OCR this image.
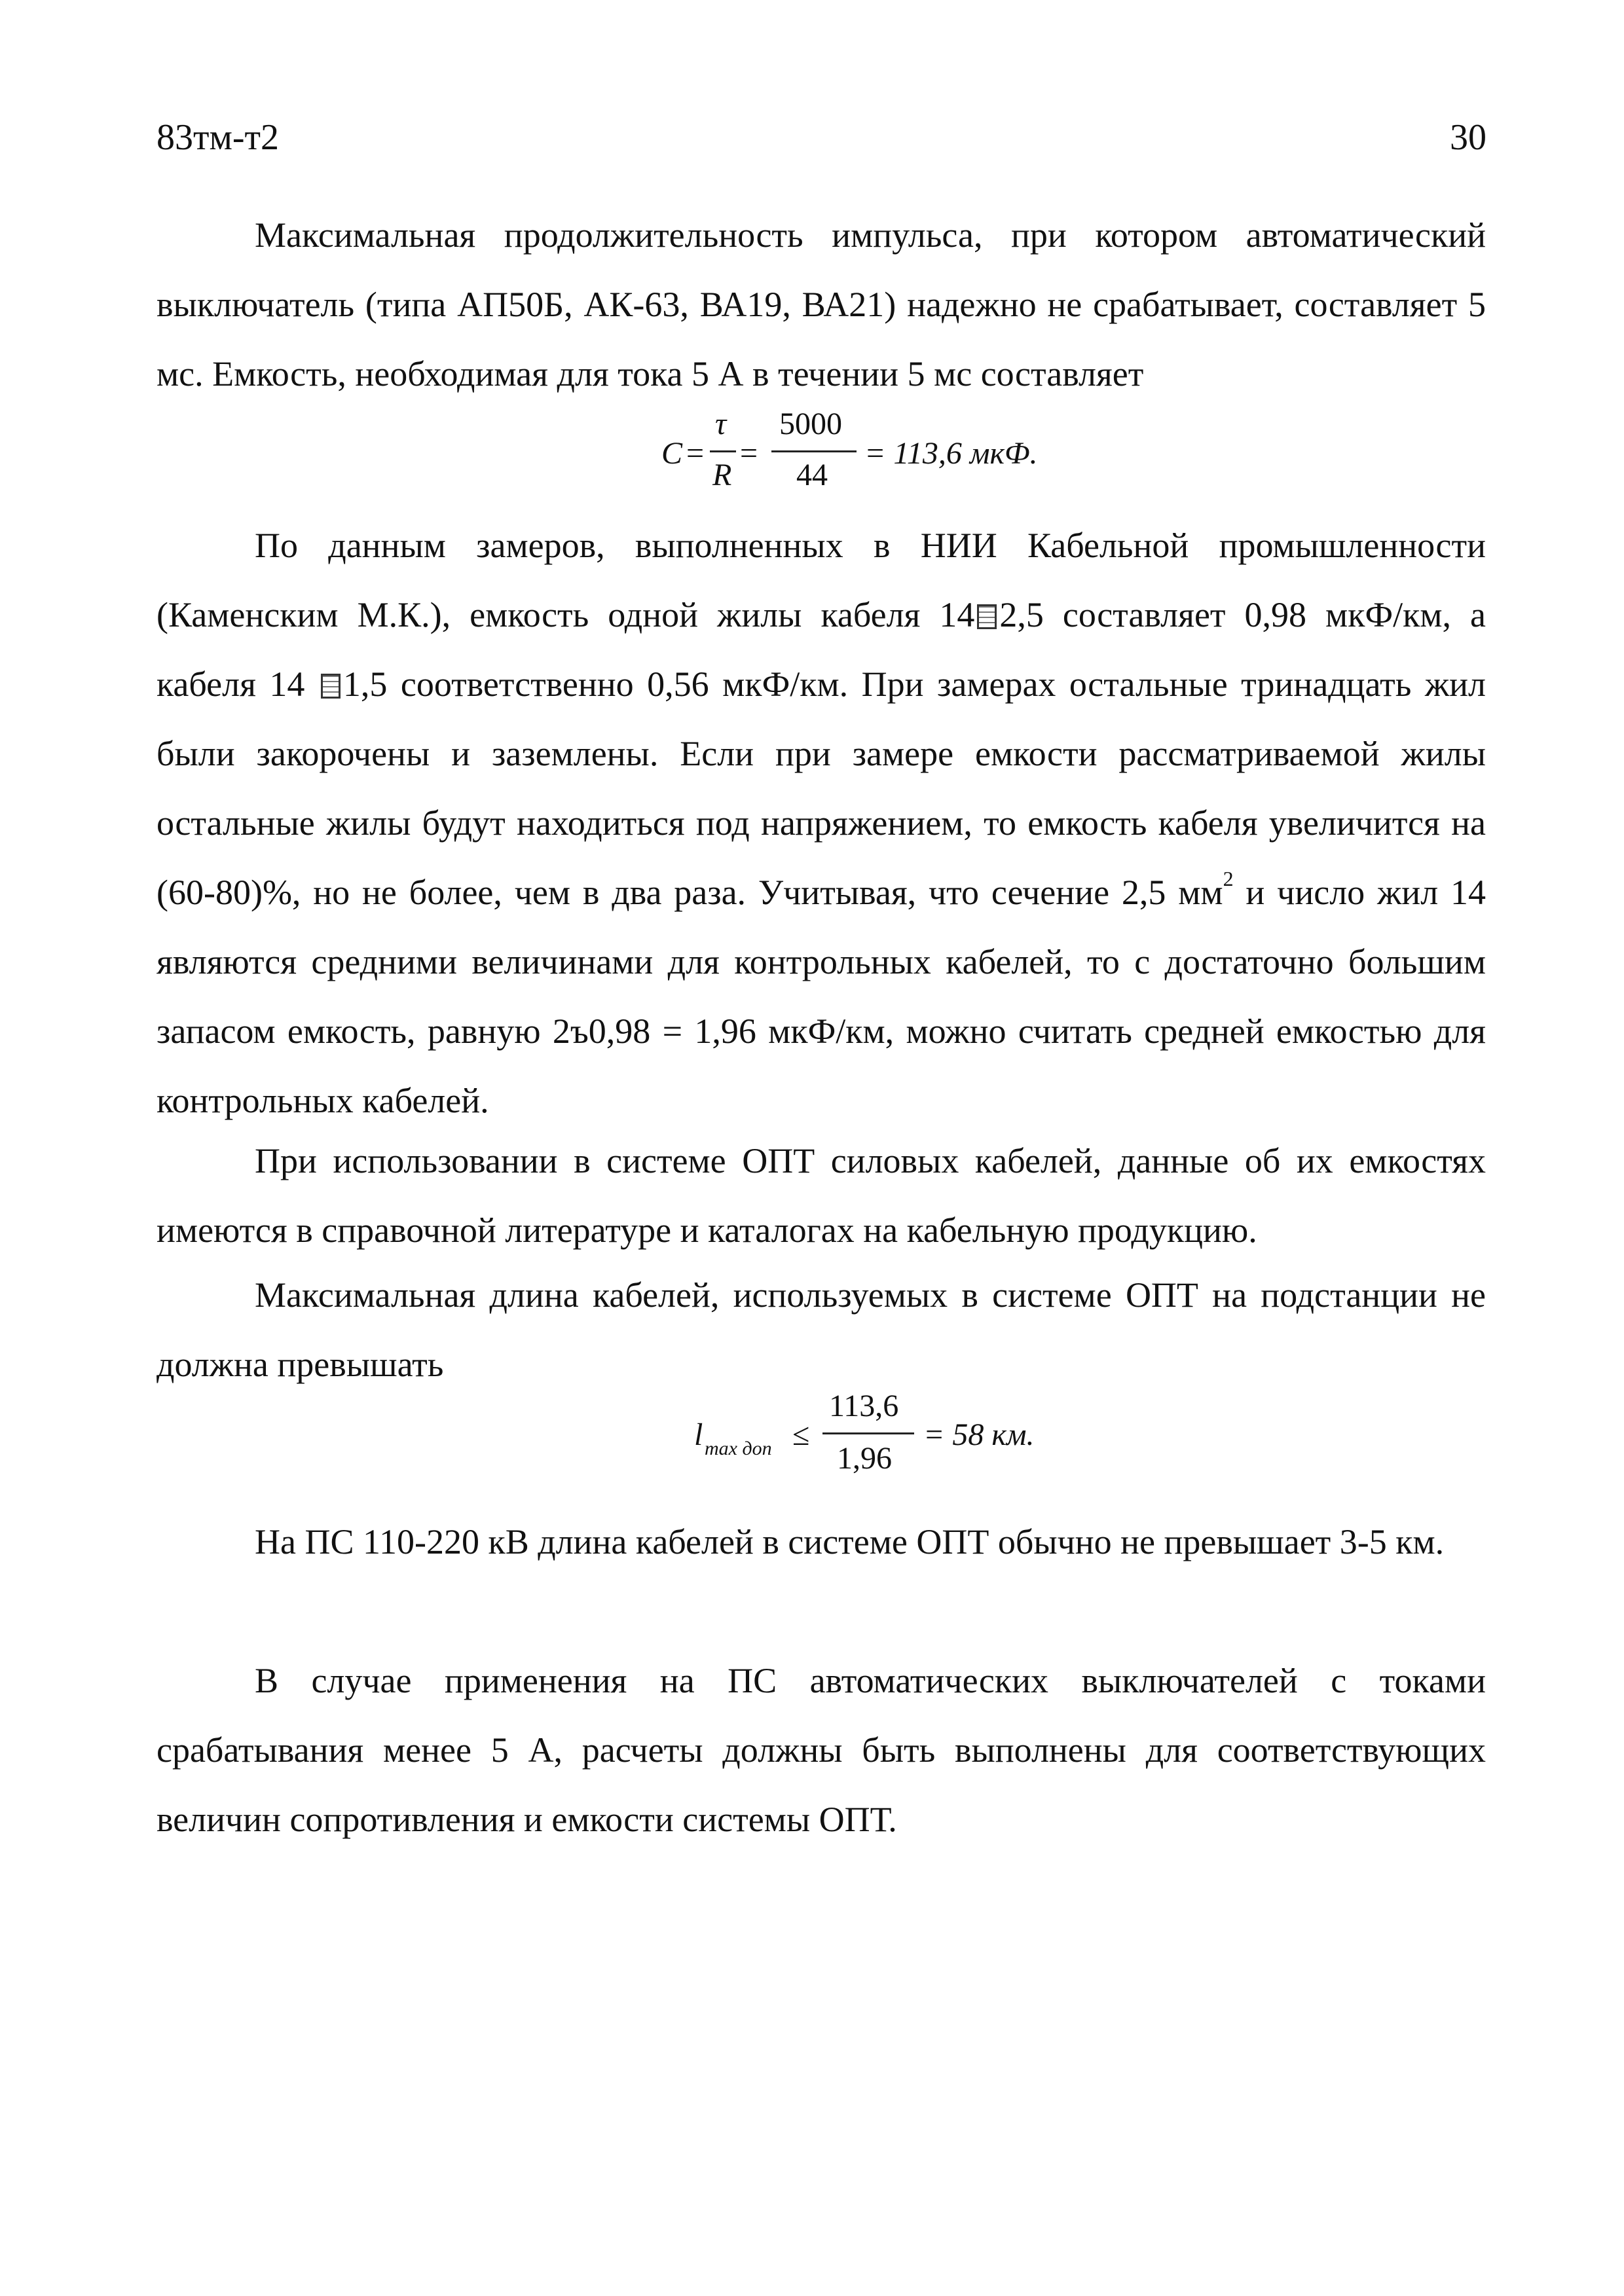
83тм-т2	30
Максимальная продолжительность импульса, при котором автоматический выключатель (типа АП50Б, АК-63, ВА19, ВА21) надежно не срабатывает, составляет 5 мс. Емкость, необходимая для тока 5 А в течении 5 мс составляет
C =
τ
R
=
5000
44
= 113,6 мкФ.
По данным замеров, выполненных в НИИ Кабельной промышленности (Каменским М.К.), емкость одной жилы кабеля 14 2,5 составляет 0,98 мкФ/км, а кабеля 14 1,5 соответственно 0,56 мкФ/км. При замерах остальные тринадцать жил были закорочены и заземлены. Если при замере емкости рассматриваемой жилы остальные жилы будут находиться под напряжением, то емкость кабеля увеличится на (60-80)%, но не более, чем в два раза. Учитывая, что сечение 2,5 $мм^2$ и число жил 14 являются средними величинами для контрольных кабелей, то с достаточно большим запасом емкость, равную 2ъ0,98 = 1,96 мкФ/км, можно считать средней емкостью для контрольных кабелей.
При использовании в системе ОПТ силовых кабелей, данные об их емкостях имеются в справочной литературе и каталогах на кабельную продукцию.
Максимальная длина кабелей, используемых в системе ОПТ на подстанции не должна превышать
l max доп ≤
113,6
1,96
= 58 км.
На ПС 110-220 кВ длина кабелей в системе ОПТ обычно не превышает 3-5 км.
В случае применения на ПС автоматических выключателей с токами срабатывания менее 5 А, расчеты должны быть выполнены для соответствующих величин сопротивления и емкости системы ОПТ.
